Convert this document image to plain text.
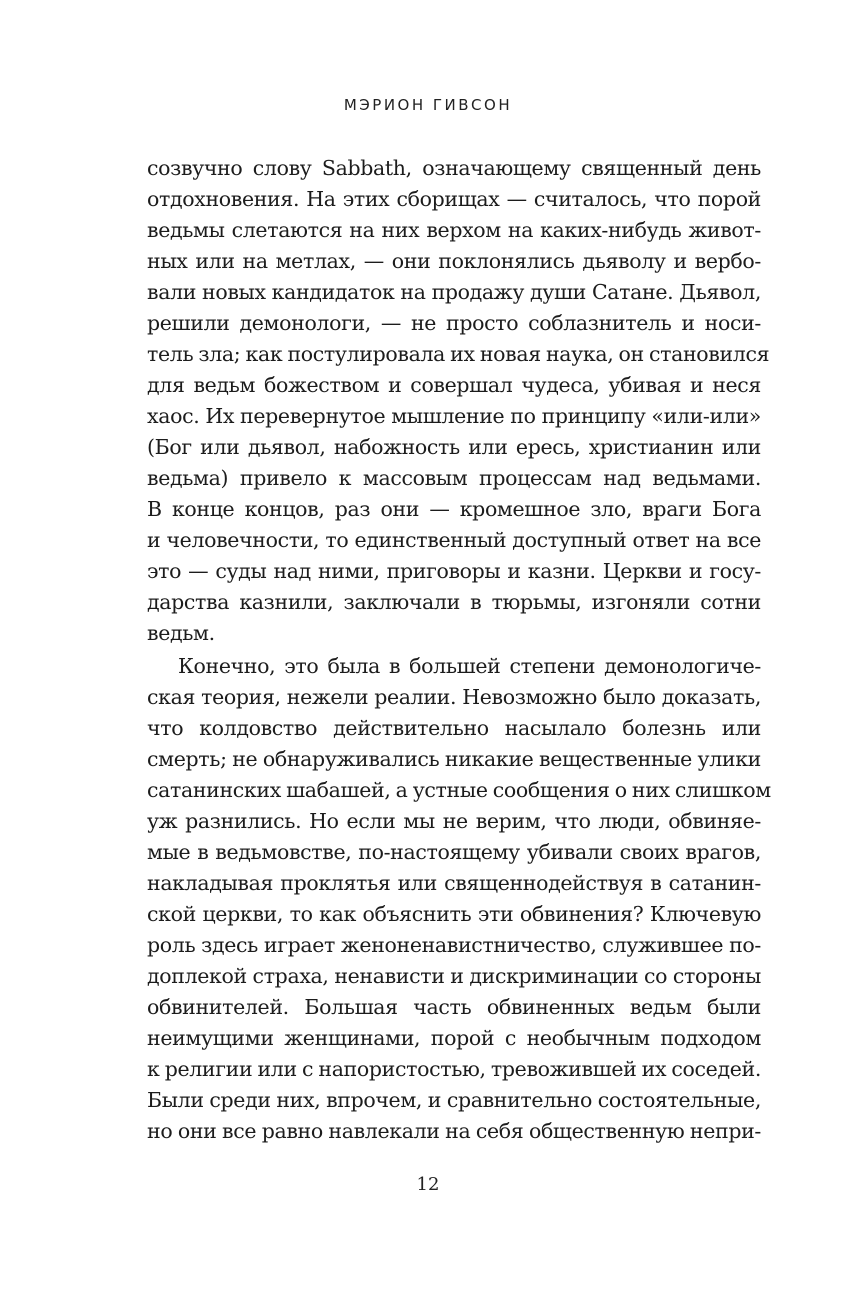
МЭРИОН ГИВСОН
созвучно слову Sabbath, означающему священный день
отдохновения. На этих сборищах — считалось, что порой
ведьмы слетаются на них верхом на каких-нибудь живот-
ных или на метлах, — они поклонялись дьяволу и вербо-
вали новых кандидаток на продажу души Сатане. Дьявол,
решили демонологи, — не просто соблазнитель и носи-
тель зла; как постулировала их новая наука, он становился
для ведьм божеством и совершал чудеса, убивая и неся
хаос. Их перевернутое мышление по принципу «или-или»
(Бог или дьявол, набожность или ересь, христианин или
ведьма) привело к массовым процессам над ведьмами.
В конце концов, раз они — кромешное зло, враги Бога
и человечности, то единственный доступный ответ на все
это — суды над ними, приговоры и казни. Церкви и госу-
дарства казнили, заключали в тюрьмы, изгоняли сотни
ведьм.
Конечно, это была в большей степени демонологиче-
ская теория, нежели реалии. Невозможно было доказать,
что колдовство действительно насылало болезнь или
смерть; не обнаруживались никакие вещественные улики
сатанинских шабашей, а устные сообщения о них слишком
уж разнились. Но если мы не верим, что люди, обвиняе-
мые в ведьмовстве, по-настоящему убивали своих врагов,
накладывая проклятья или священнодействуя в сатанин-
ской церкви, то как объяснить эти обвинения? Ключевую
роль здесь играет женоненавистничество, служившее по-
доплекой страха, ненависти и дискриминации со стороны
обвинителей. Большая часть обвиненных ведьм были
неимущими женщинами, порой с необычным подходом
к религии или с напористостью, тревожившей их соседей.
Были среди них, впрочем, и сравнительно состоятельные,
но они все равно навлекали на себя общественную непри-
12
